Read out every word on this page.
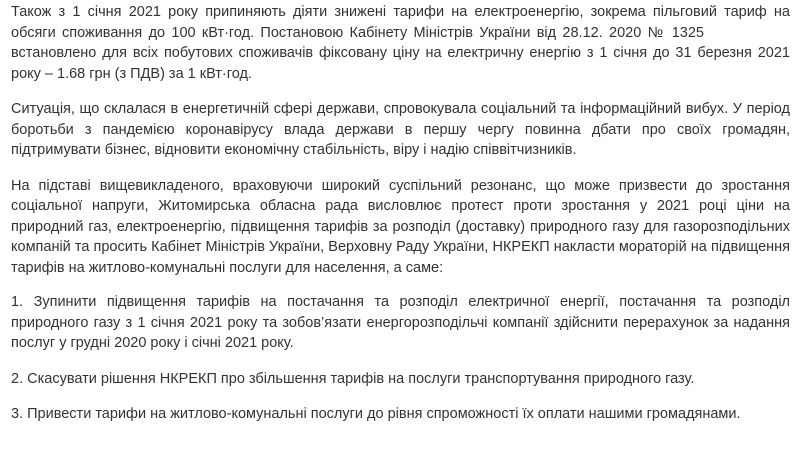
Також з 1 січня 2021 року припиняють діяти знижені тарифи на електроенергію, зокрема пільговий тариф на обсяги споживання до 100 кВт·год. Постановою Кабінету Міністрів України від 28.12. 2020 № 1325встановлено для всіх побутових споживачів фіксовану ціну на електричну енергію з 1 січня до 31 березня 2021 року – 1.68 грн (з ПДВ) за 1 кВт·год.

Ситуація, що склалася в енергетичній сфері держави, спровокувала соціальний та інформаційний вибух. У період боротьби з пандемією коронавірусу влада держави в першу чергу повинна дбати про своїх громадян, підтримувати бізнес, відновити економічну стабільність, віру і надію співвітчизників.

На підставі вищевикладеного, враховуючи широкий суспільний резонанс, що може призвести до зростання соціальної напруги, Житомирська обласна рада висловлює протест проти зростання у 2021 році ціни на природний газ, електроенергію, підвищення тарифів за розподіл (доставку) природного газу для газорозподільних компаній та просить Кабінет Міністрів України, Верховну Раду України, НКРЕКП накласти мораторій на підвищення тарифів на житлово-комунальні послуги для населення, а саме:

1. Зупинити підвищення тарифів на постачання та розподіл електричної енергії, постачання та розподіл природного газу з 1 січня 2021 року та зобов’язати енергорозподільчі компанії здійснити перерахунок за надання послуг у грудні 2020 року і січні 2021 року.

2. Скасувати рішення НКРЕКП про збільшення тарифів на послуги транспортування природного газу.

3. Привести тарифи на житлово-комунальні послуги до рівня спроможності їх оплати нашими громадянами.
